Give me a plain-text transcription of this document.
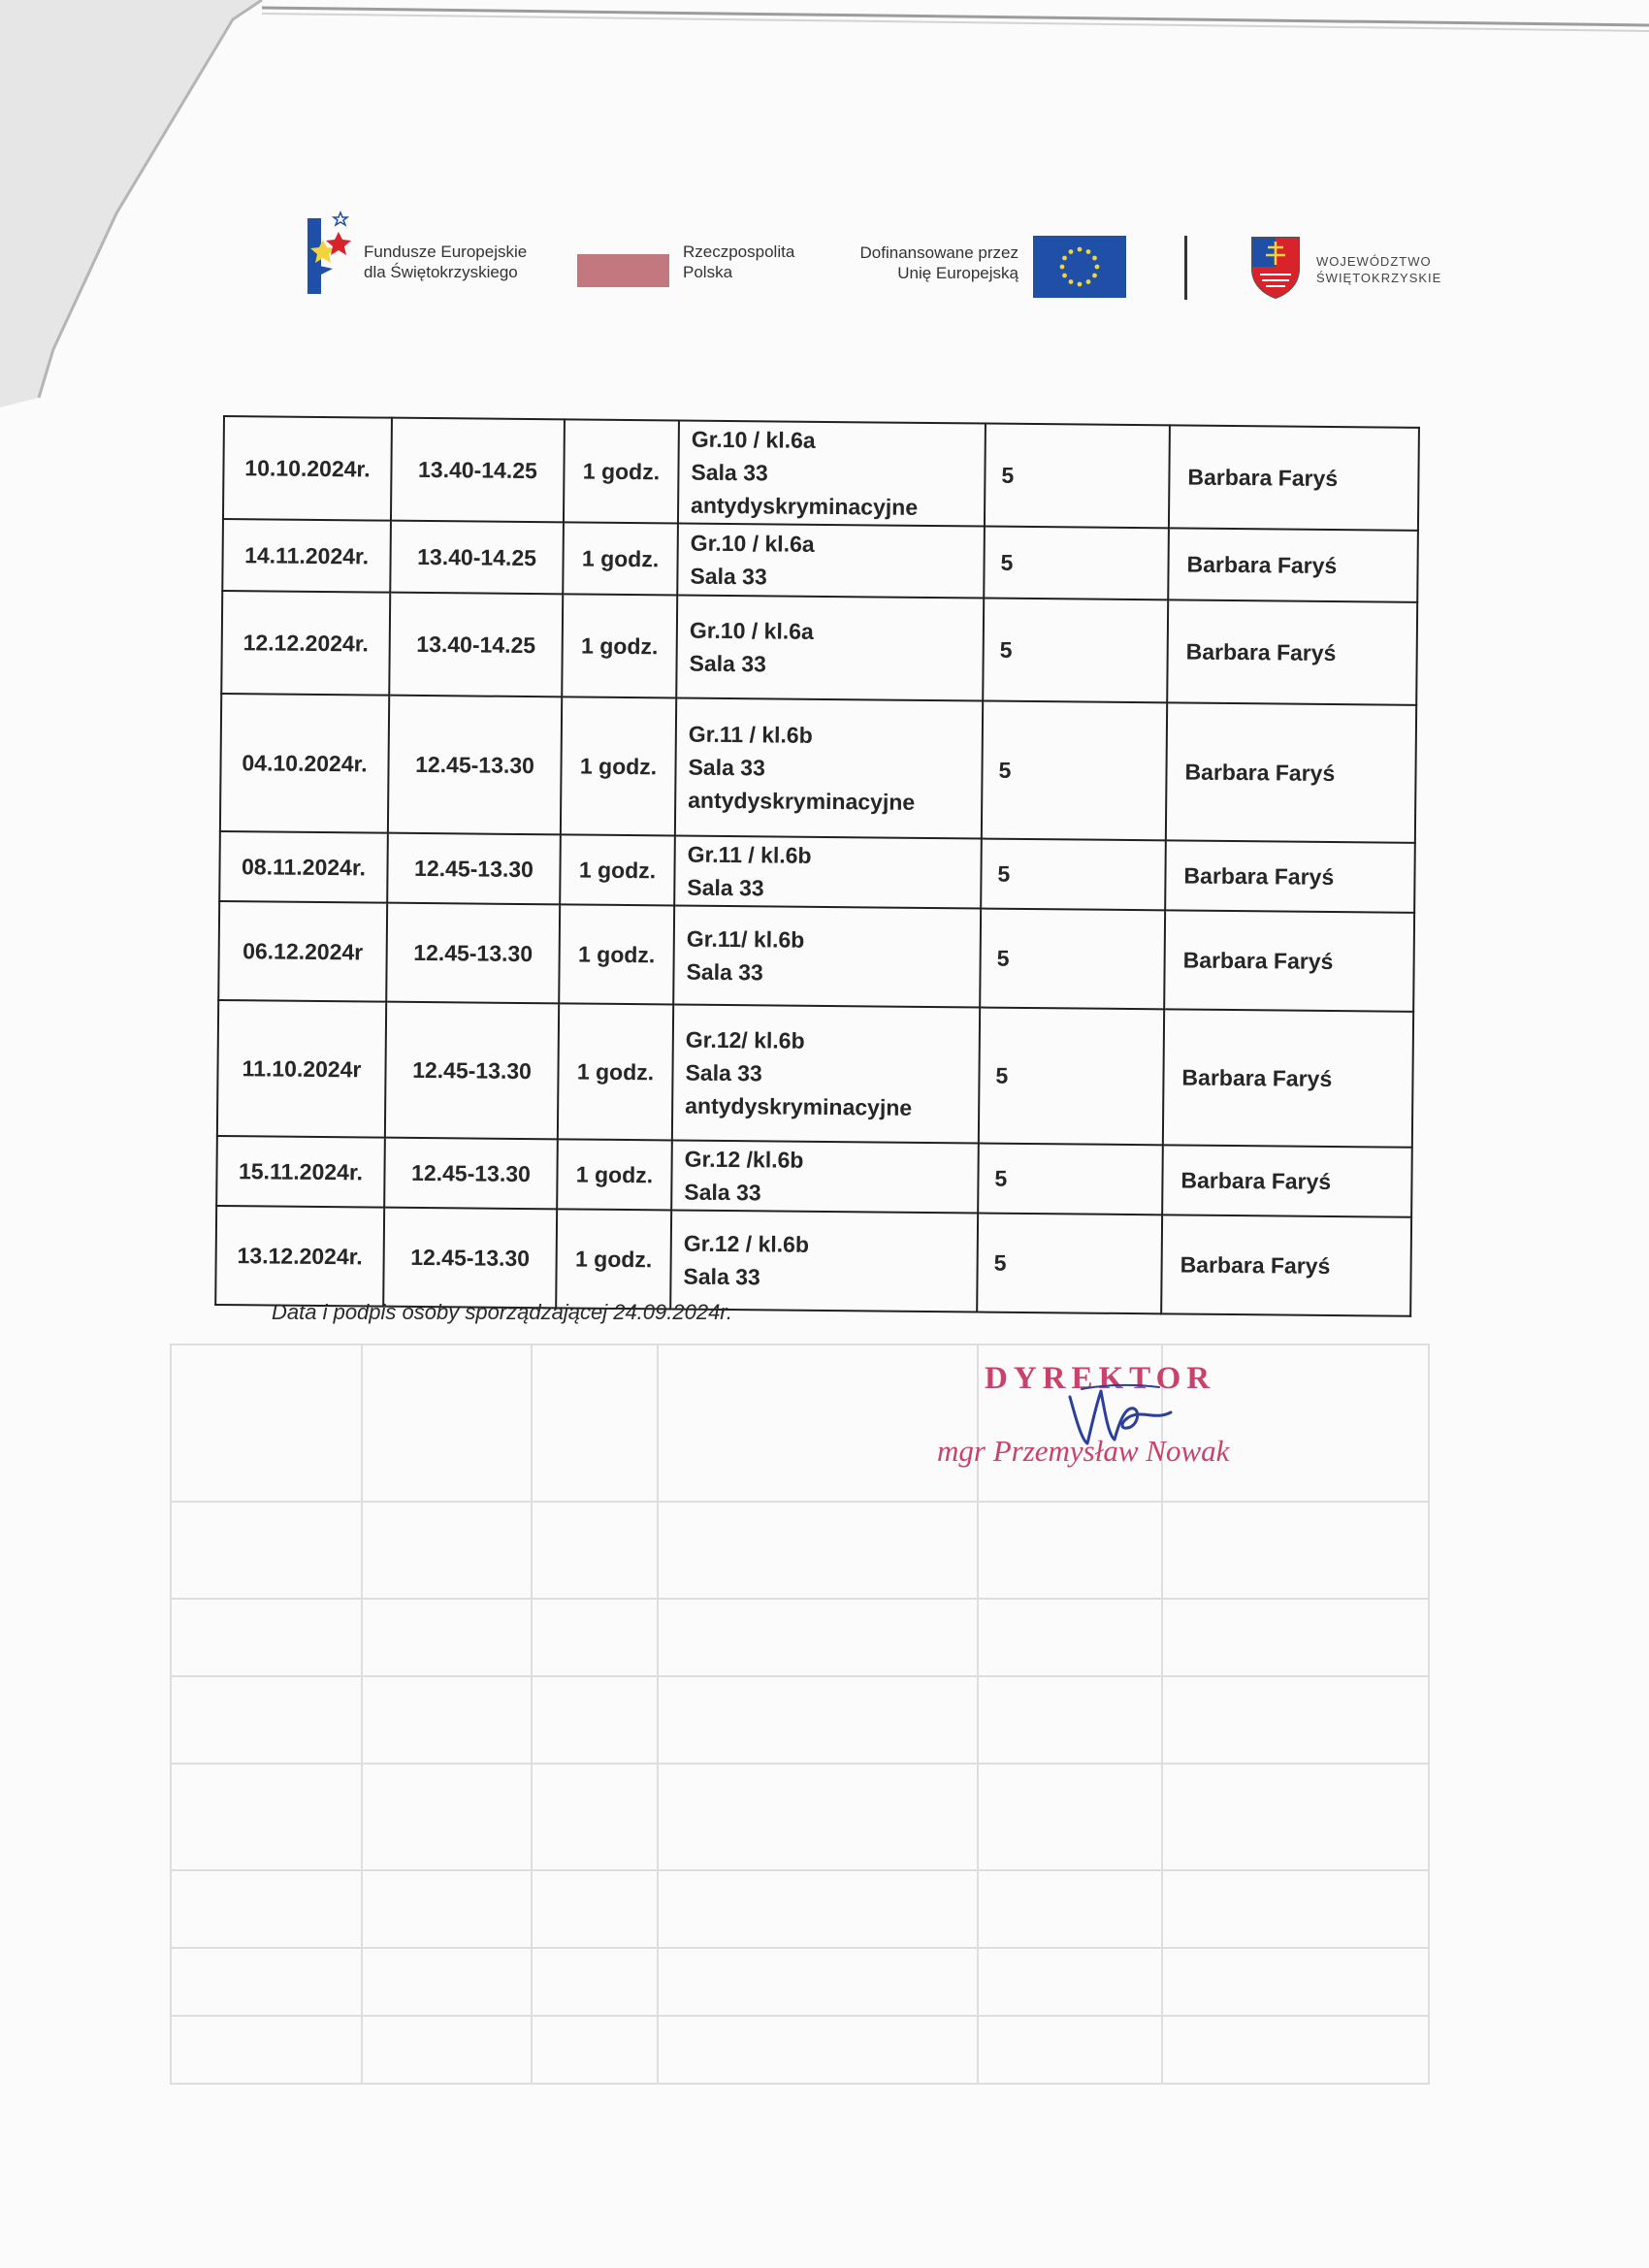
Fundusze Europejskie
dla Świętokrzyskiego
Rzeczpospolita
Polska
Dofinansowane przez
Unię Europejską
WOJEWÓDZTWO
ŚWIĘTOKRZYSKIE
10.10.2024r.	13.40-14.25	1 godz.	Gr.10 / kl.6a
Sala 33
antydyskryminacyjne	5	Barbara Faryś
14.11.2024r.	13.40-14.25	1 godz.	Gr.10 / kl.6a
Sala 33	5	Barbara Faryś
12.12.2024r.	13.40-14.25	1 godz.	Gr.10 / kl.6a
Sala 33	5	Barbara Faryś
04.10.2024r.	12.45-13.30	1 godz.	Gr.11 / kl.6b
Sala 33
antydyskryminacyjne	5	Barbara Faryś
08.11.2024r.	12.45-13.30	1 godz.	Gr.11 / kl.6b
Sala 33	5	Barbara Faryś
06.12.2024r	12.45-13.30	1 godz.	Gr.11/ kl.6b
Sala 33	5	Barbara Faryś
11.10.2024r	12.45-13.30	1 godz.	Gr.12/ kl.6b
Sala 33
antydyskryminacyjne	5	Barbara Faryś
15.11.2024r.	12.45-13.30	1 godz.	Gr.12 /kl.6b
Sala 33	5	Barbara Faryś
13.12.2024r.	12.45-13.30	1 godz.	Gr.12 / kl.6b
Sala 33	5	Barbara Faryś
Data i podpis osoby sporządzającej 24.09.2024r.
DYREKTOR
mgr Przemysław Nowak
